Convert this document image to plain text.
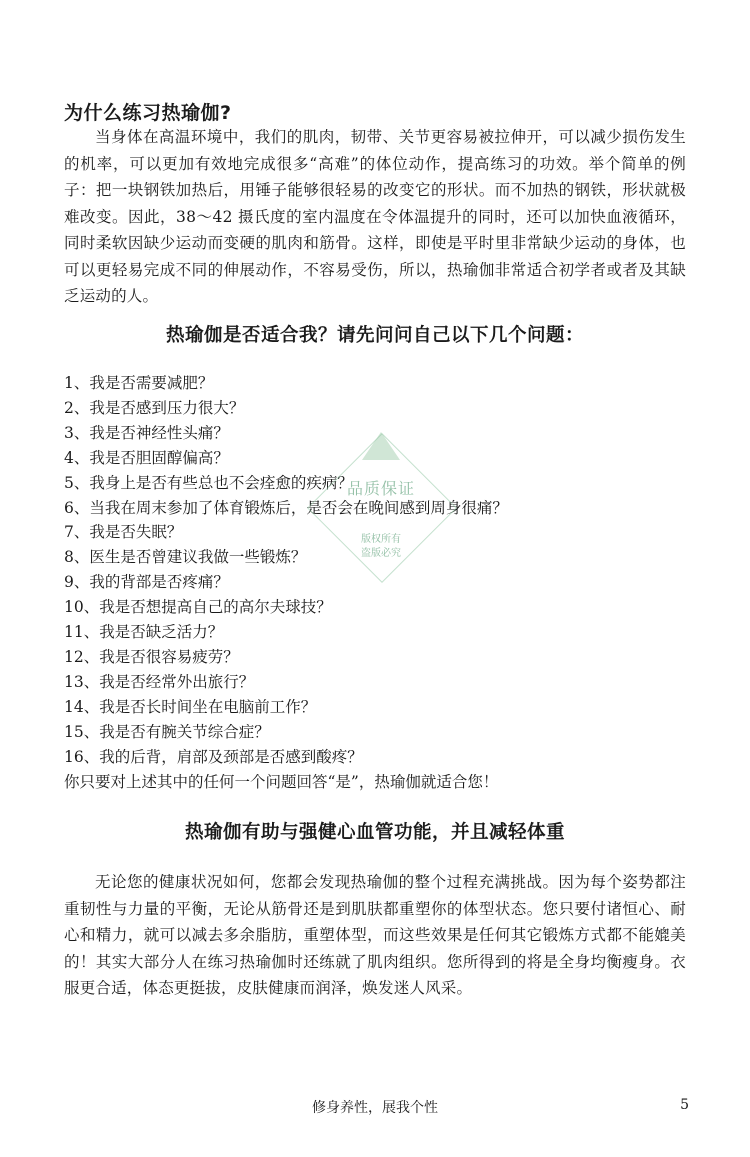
为什么练习热瑜伽?
当身体在高温环境中，我们的肌肉，韧带、关节更容易被拉伸开，可以减少损伤发生的机率，可以更加有效地完成很多“高难”的体位动作，提高练习的功效。举个简单的例子：把一块钢铁加热后，用锤子能够很轻易的改变它的形状。而不加热的钢铁，形状就极难改变。因此，38～42 摄氏度的室内温度在令体温提升的同时，还可以加快血液循环，同时柔软因缺少运动而变硬的肌肉和筋骨。这样，即使是平时里非常缺少运动的身体，也可以更轻易完成不同的伸展动作，不容易受伤，所以，热瑜伽非常适合初学者或者及其缺乏运动的人。
热瑜伽是否适合我？请先问问自己以下几个问题：
1、我是否需要减肥？
2、我是否感到压力很大？
3、我是否神经性头痛？
4、我是否胆固醇偏高？
5、我身上是否有些总也不会痊愈的疾病？
6、当我在周末参加了体育锻炼后，是否会在晚间感到周身很痛？
7、我是否失眠？
8、医生是否曾建议我做一些锻炼？
9、我的背部是否疼痛？
10、我是否想提高自己的高尔夫球技？
11、我是否缺乏活力？
12、我是否很容易疲劳？
13、我是否经常外出旅行？
14、我是否长时间坐在电脑前工作？
15、我是否有腕关节综合症？
16、我的后背，肩部及颈部是否感到酸疼？
你只要对上述其中的任何一个问题回答“是”，热瑜伽就适合您！
热瑜伽有助与强健心血管功能，并且减轻体重
无论您的健康状况如何，您都会发现热瑜伽的整个过程充满挑战。因为每个姿势都注重韧性与力量的平衡，无论从筋骨还是到肌肤都重塑你的体型状态。您只要付诸恒心、耐心和精力，就可以减去多余脂肪，重塑体型，而这些效果是任何其它锻炼方式都不能媲美的！其实大部分人在练习热瑜伽时还练就了肌肉组织。您所得到的将是全身均衡瘦身。衣服更合适，体态更挺拔，皮肤健康而润泽，焕发迷人风采。
品质保证
版权所有
盗版必究
修身养性，展我个性	5
